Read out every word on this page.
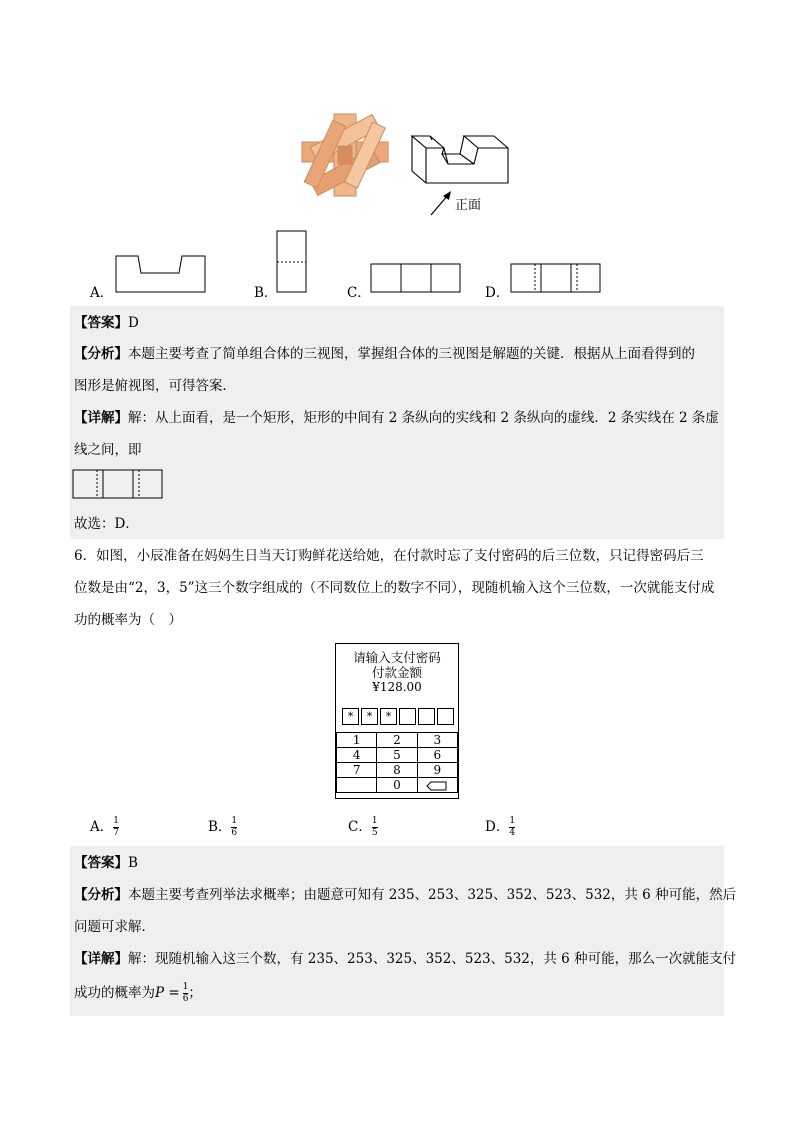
正面
A．	B．	C．	D．
【答案】D
【分析】本题主要考查了简单组合体的三视图，掌握组合体的三视图是解题的关键．根据从上面看得到的
图形是俯视图，可得答案．
【详解】解：从上面看，是一个矩形，矩形的中间有 2 条纵向的实线和 2 条纵向的虚线．2 条实线在 2 条虚
线之间，即
故选：D．
6．如图，小辰准备在妈妈生日当天订购鲜花送给她，在付款时忘了支付密码的后三位数，只记得密码后三
位数是由“2，3，5”这三个数字组成的（不同数位上的数字不同），现随机输入这个三位数，一次就能支付成
功的概率为（　）
请输入支付密码
付款金额
¥128.00
* * *
1	2	3
4	5	6
7	8	9
	0	
A． $\frac{1}{7}$	B． $\frac{1}{6}$	C． $\frac{1}{5}$	D． $\frac{1}{4}$
【答案】B
【分析】本题主要考查列举法求概率；由题意可知有 235、253、325、352、523、532，共 6 种可能，然后
问题可求解．
【详解】解：现随机输入这三个数，有 235、253、325、352、523、532，共 6 种可能，那么一次就能支付
成功的概率为$P = \frac{1}{6}$ ；
